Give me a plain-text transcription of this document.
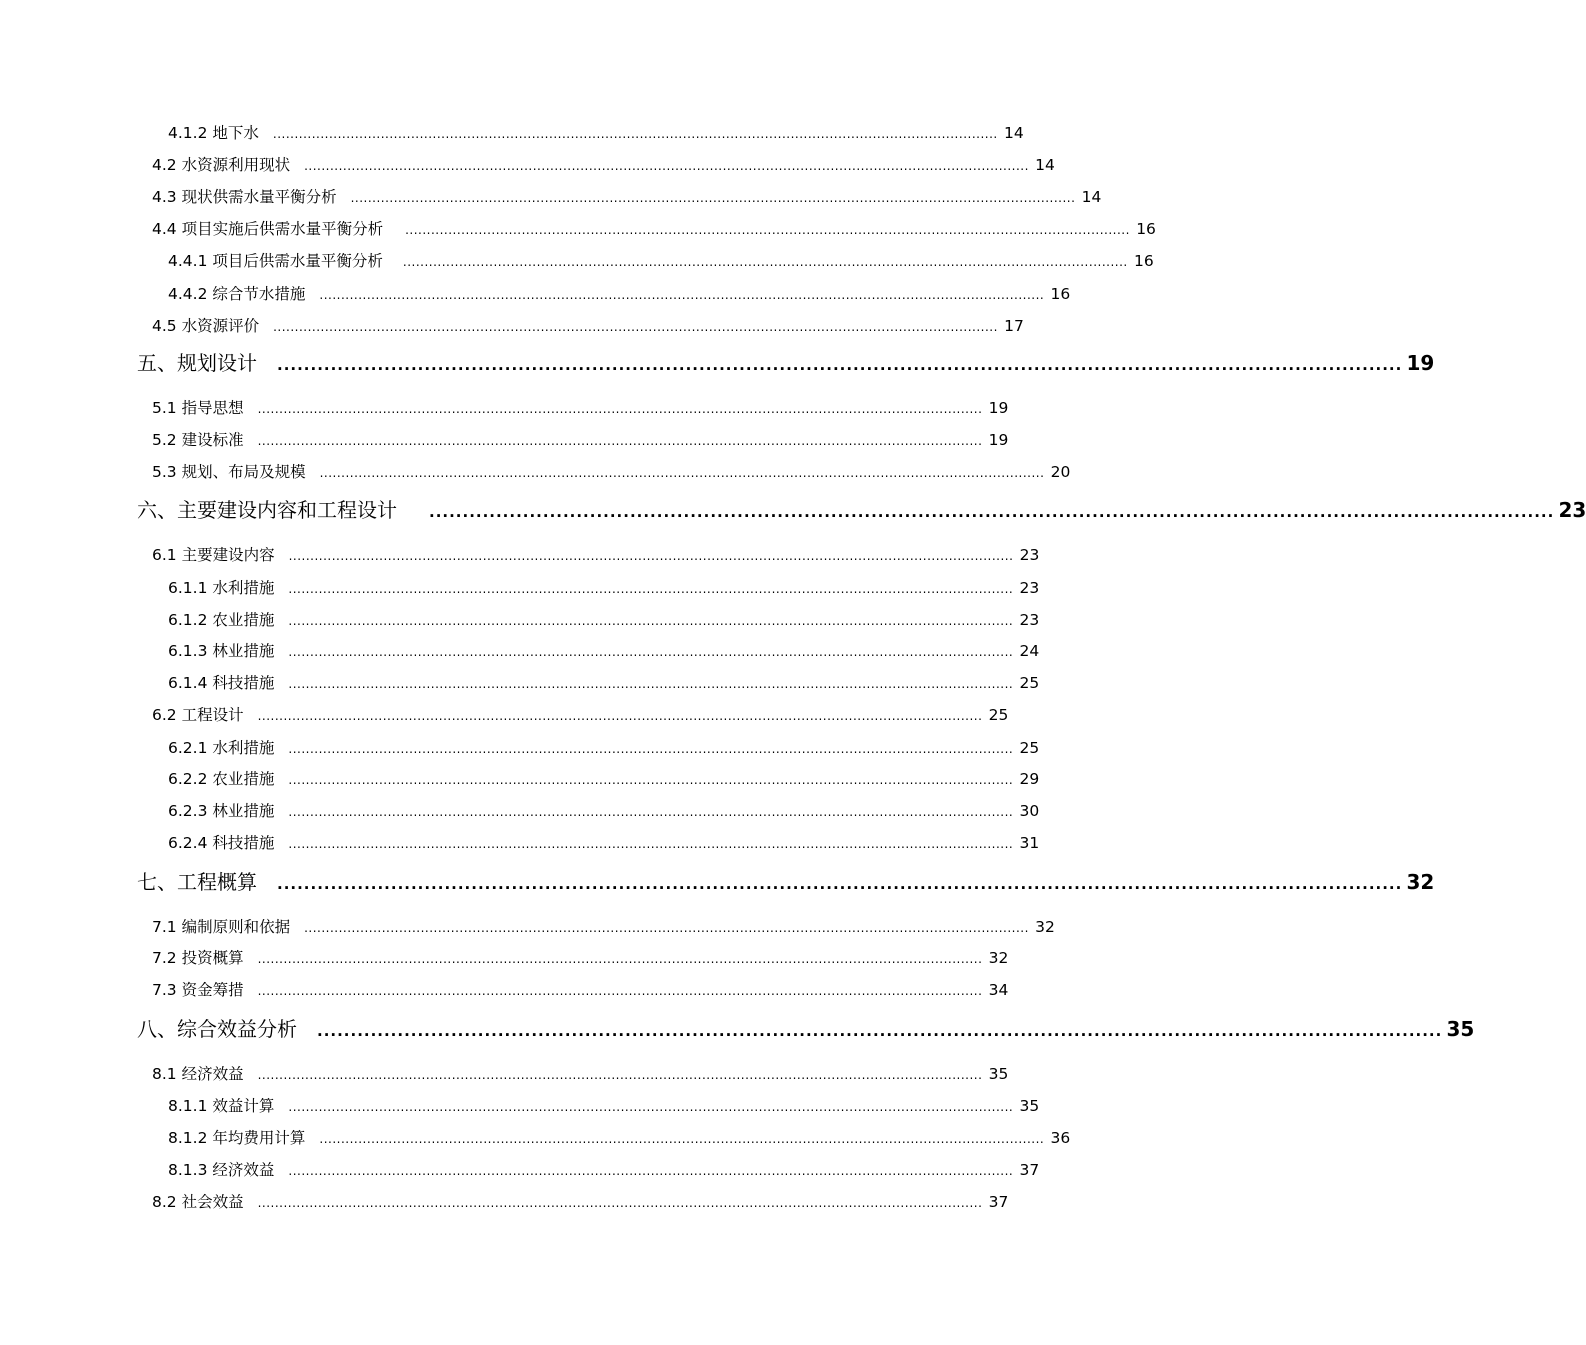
4.1.2 地下水 ........................................................................................................................................................................ 14
4.2 水资源利用现状 ........................................................................................................................................................................ 14
4.3 现状供需水量平衡分析 ........................................................................................................................................................................ 14
4.4 项目实施后供需水量平衡分析 ........................................................................................................................................................................ 16
4.4.1 项目后供需水量平衡分析 ........................................................................................................................................................................ 16
4.4.2 综合节水措施 ........................................................................................................................................................................ 16
4.5 水资源评价 ........................................................................................................................................................................ 17
五、规划设计 ........................................................................................................................................................................ 19
5.1 指导思想 ........................................................................................................................................................................ 19
5.2 建设标准 ........................................................................................................................................................................ 19
5.3 规划、布局及规模 ........................................................................................................................................................................ 20
六、主要建设内容和工程设计 ........................................................................................................................................................................ 23
6.1 主要建设内容 ........................................................................................................................................................................ 23
6.1.1 水利措施 ........................................................................................................................................................................ 23
6.1.2 农业措施 ........................................................................................................................................................................ 23
6.1.3 林业措施 ........................................................................................................................................................................ 24
6.1.4 科技措施 ........................................................................................................................................................................ 25
6.2 工程设计 ........................................................................................................................................................................ 25
6.2.1 水利措施 ........................................................................................................................................................................ 25
6.2.2 农业措施 ........................................................................................................................................................................ 29
6.2.3 林业措施 ........................................................................................................................................................................ 30
6.2.4 科技措施 ........................................................................................................................................................................ 31
七、工程概算 ........................................................................................................................................................................ 32
7.1 编制原则和依据 ........................................................................................................................................................................ 32
7.2 投资概算 ........................................................................................................................................................................ 32
7.3 资金筹措 ........................................................................................................................................................................ 34
八、综合效益分析 ........................................................................................................................................................................ 35
8.1 经济效益 ........................................................................................................................................................................ 35
8.1.1 效益计算 ........................................................................................................................................................................ 35
8.1.2 年均费用计算 ........................................................................................................................................................................ 36
8.1.3 经济效益 ........................................................................................................................................................................ 37
8.2 社会效益 ........................................................................................................................................................................ 37
